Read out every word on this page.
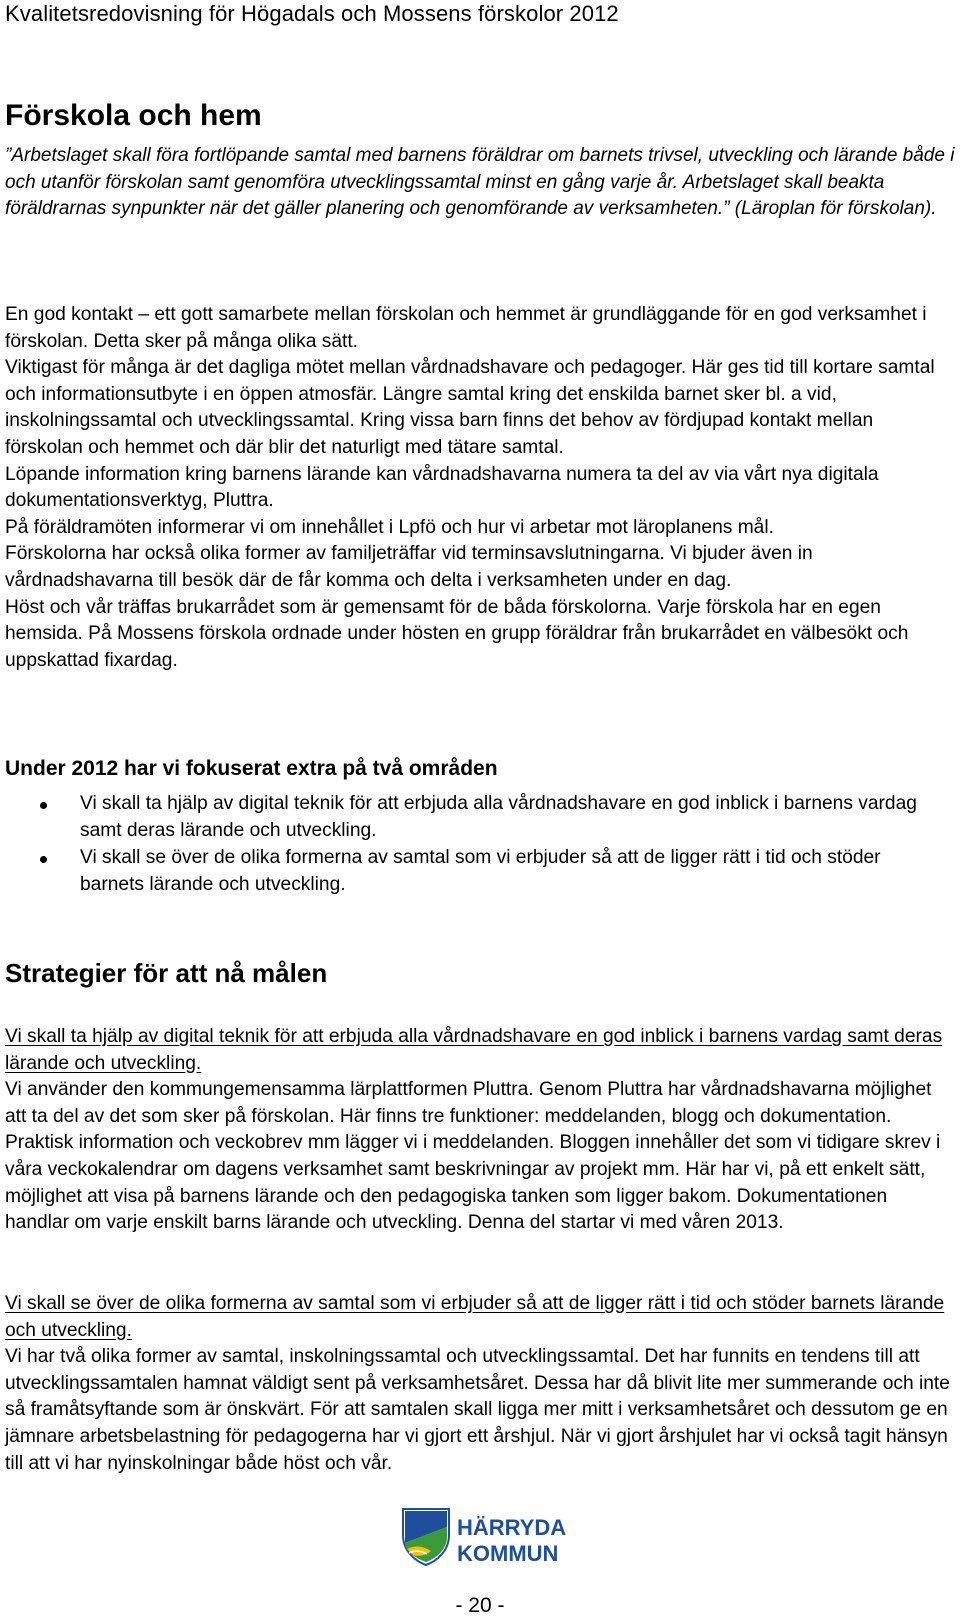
Kvalitetsredovisning för Högadals och Mossens förskolor 2012
Förskola och hem
”Arbetslaget skall föra fortlöpande samtal med barnens föräldrar om barnets trivsel, utveckling och lärande både i och utanför förskolan samt genomföra utvecklingssamtal minst en gång varje år. Arbetslaget skall beakta föräldrarnas synpunkter när det gäller planering och genomförande av verksamheten.” (Läroplan för förskolan).
En god kontakt – ett gott samarbete mellan förskolan och hemmet är grundläggande för en god verksamhet i förskolan. Detta sker på många olika sätt.
Viktigast för många är det dagliga mötet mellan vårdnadshavare och pedagoger. Här ges tid till kortare samtal och informationsutbyte i en öppen atmosfär. Längre samtal kring det enskilda barnet sker bl. a vid, inskolningssamtal och utvecklingssamtal. Kring vissa barn finns det behov av fördjupad kontakt mellan förskolan och hemmet och där blir det naturligt med tätare samtal.
Löpande information kring barnens lärande kan vårdnadshavarna numera ta del av via vårt nya digitala dokumentationsverktyg, Pluttra.
På föräldramöten informerar vi om innehållet i Lpfö och hur vi arbetar mot läroplanens mål.
Förskolorna har också olika former av familjeträffar vid terminsavslutningarna. Vi bjuder även in vårdnadshavarna till besök där de får komma och delta i verksamheten under en dag.
Höst och vår träffas brukarrådet som är gemensamt för de båda förskolorna. Varje förskola har en egen hemsida. På Mossens förskola ordnade under hösten en grupp föräldrar från brukarrådet en välbesökt och uppskattad fixardag.
Under 2012 har vi fokuserat extra på två områden
Vi skall ta hjälp av digital teknik för att erbjuda alla vårdnadshavare en god inblick i barnens vardag samt deras lärande och utveckling.
Vi skall se över de olika formerna av samtal som vi erbjuder så att de ligger rätt i tid och stöder barnets lärande och utveckling.
Strategier för att nå målen
Vi skall ta hjälp av digital teknik för att erbjuda alla vårdnadshavare en god inblick i barnens vardag samt deras lärande och utveckling.
Vi använder den kommungemensamma lärplattformen Pluttra. Genom Pluttra har vårdnadshavarna möjlighet att ta del av det som sker på förskolan. Här finns tre funktioner: meddelanden, blogg och dokumentation. Praktisk information och veckobrev mm lägger vi i meddelanden. Bloggen innehåller det som vi tidigare skrev i våra veckokalendrar om dagens verksamhet samt beskrivningar av projekt mm. Här har vi, på ett enkelt sätt, möjlighet att visa på barnens lärande och den pedagogiska tanken som ligger bakom. Dokumentationen handlar om varje enskilt barns lärande och utveckling. Denna del startar vi med våren 2013.
Vi skall se över de olika formerna av samtal som vi erbjuder så att de ligger rätt i tid och stöder barnets lärande och utveckling.
Vi har två olika former av samtal, inskolningssamtal och utvecklingssamtal. Det har funnits en tendens till att utvecklingssamtalen hamnat väldigt sent på verksamhetsåret. Dessa har då blivit lite mer summerande och inte så framåtsyftande som är önskvärt. För att samtalen skall ligga mer mitt i verksamhetsåret och dessutom ge en jämnare arbetsbelastning för pedagogerna har vi gjort ett årshjul. När vi gjort årshjulet har vi också tagit hänsyn till att vi har nyinskolningar både höst och vår.
HÄRRYDA
KOMMUN
- 20 -
